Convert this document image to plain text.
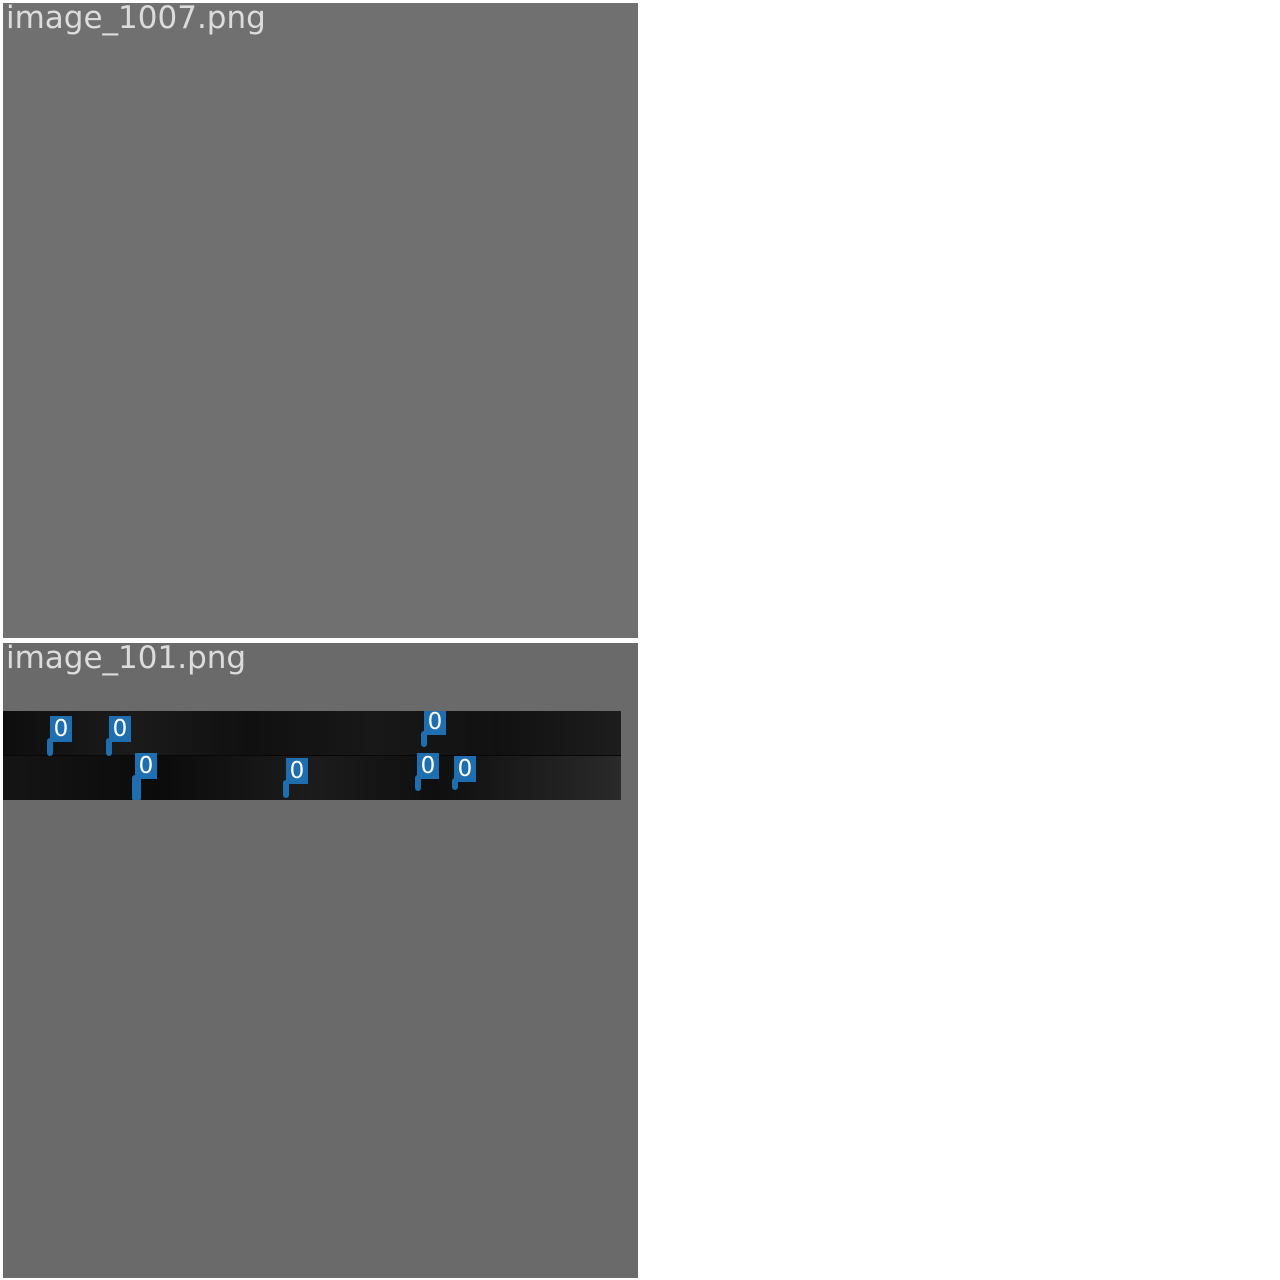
image_1007.png
image_101.png
0 0
0	0
0
0 0
